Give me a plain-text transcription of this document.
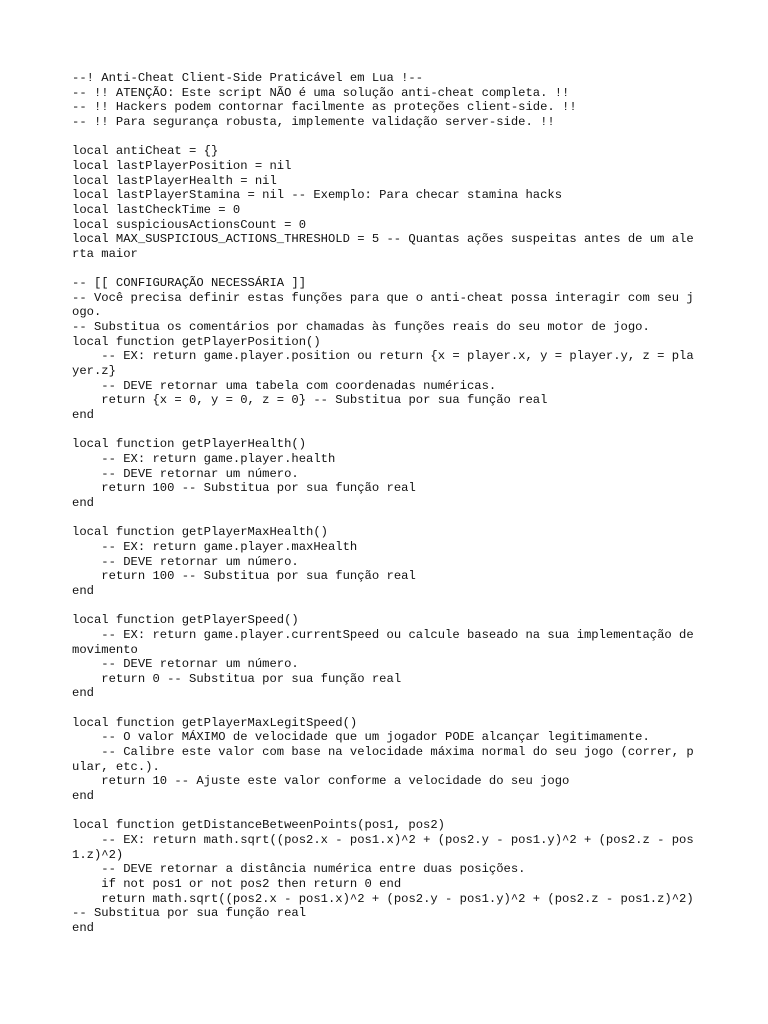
--! Anti-Cheat Client-Side Praticável em Lua !--
-- !! ATENÇÃO: Este script NÃO é uma solução anti-cheat completa. !!
-- !! Hackers podem contornar facilmente as proteções client-side. !!
-- !! Para segurança robusta, implemente validação server-side. !!
local antiCheat = {}
local lastPlayerPosition = nil
local lastPlayerHealth = nil
local lastPlayerStamina = nil -- Exemplo: Para checar stamina hacks
local lastCheckTime = 0
local suspiciousActionsCount = 0
local MAX_SUSPICIOUS_ACTIONS_THRESHOLD = 5 -- Quantas ações suspeitas antes de um alerta maior
-- [[ CONFIGURAÇÃO NECESSÁRIA ]]
-- Você precisa definir estas funções para que o anti-cheat possa interagir com seu jogo.
-- Substitua os comentários por chamadas às funções reais do seu motor de jogo.
local function getPlayerPosition()
-- EX: return game.player.position ou return {x = player.x, y = player.y, z = player.z}
-- DEVE retornar uma tabela com coordenadas numéricas.
return {x = 0, y = 0, z = 0} -- Substitua por sua função real
end
local function getPlayerHealth()
-- EX: return game.player.health
-- DEVE retornar um número.
return 100 -- Substitua por sua função real
end
local function getPlayerMaxHealth()
-- EX: return game.player.maxHealth
-- DEVE retornar um número.
return 100 -- Substitua por sua função real
end
local function getPlayerSpeed()
-- EX: return game.player.currentSpeed ou calcule baseado na sua implementação de movimento
-- DEVE retornar um número.
return 0 -- Substitua por sua função real
end
local function getPlayerMaxLegitSpeed()
-- O valor MÁXIMO de velocidade que um jogador PODE alcançar legitimamente.
-- Calibre este valor com base na velocidade máxima normal do seu jogo (correr, pular, etc.).
return 10 -- Ajuste este valor conforme a velocidade do seu jogo
end
local function getDistanceBetweenPoints(pos1, pos2)
-- EX: return math.sqrt((pos2.x - pos1.x)^2 + (pos2.y - pos1.y)^2 + (pos2.z - pos1.z)^2)
-- DEVE retornar a distância numérica entre duas posições.
if not pos1 or not pos2 then return 0 end
return math.sqrt((pos2.x - pos1.x)^2 + (pos2.y - pos1.y)^2 + (pos2.z - pos1.z)^2) -- Substitua por sua função real
end
